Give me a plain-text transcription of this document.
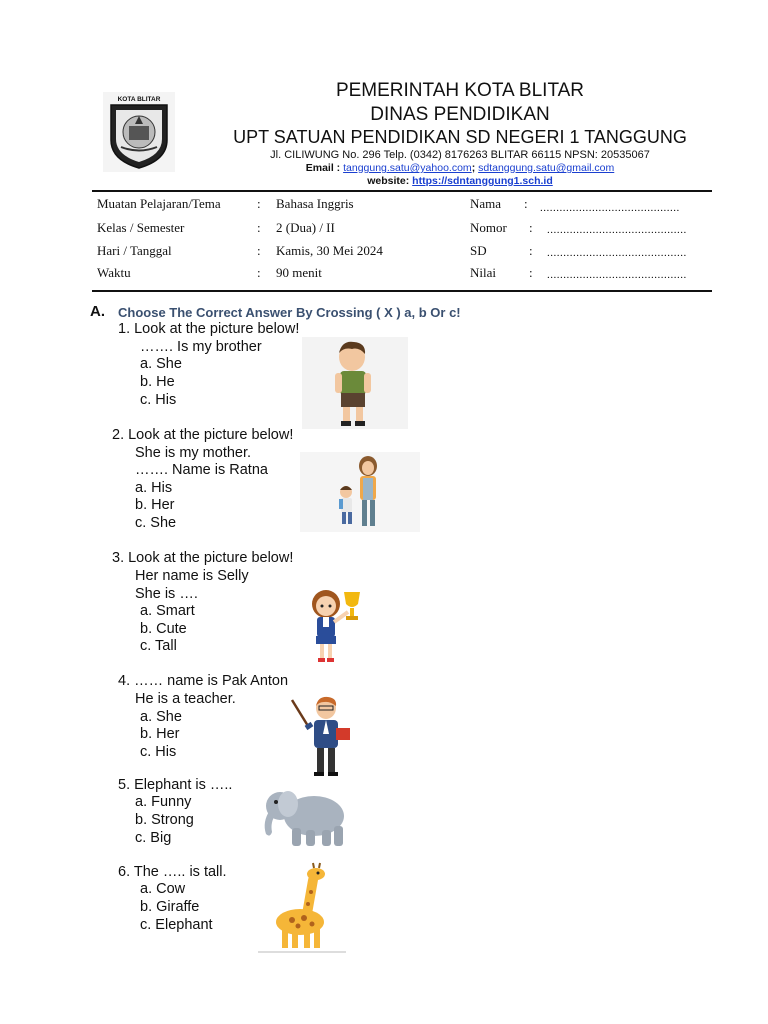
KOTA BLITAR	PEMERINTAH KOTA BLITAR
DINAS PENDIDIKAN
UPT SATUAN PENDIDIKAN SD NEGERI 1 TANGGUNG
Jl. CILIWUNG No. 296 Telp. (0342) 8176263 BLITAR 66115 NPSN: 20535067
Email : tanggung.satu@yahoo.com; sdtanggung.satu@gmail.com
website: https://sdntanggung1.sch.id
Muatan Pelajaran/Tema	: Bahasa Inggris	Nama : ...........................................
Kelas / Semester	: 2 (Dua) / II	Nomor : ...........................................
Hari / Tanggal	: Kamis, 30 Mei 2024	SD	: ...........................................
Waktu	: 90 menit	Nilai	: ...........................................
A. Choose The Correct Answer By Crossing ( X ) a, b Or c!
1. Look at the picture below!
……. Is my brother
a. She
b. He
c. His
2. Look at the picture below!
She is my mother.
……. Name is Ratna
a. His
b. Her
c. She
3. Look at the picture below!
Her name is Selly
She is ….
a. Smart
b. Cute
c. Tall
4. …… name is Pak Anton
He is a teacher.
a. She
b. Her
c. His
5. Elephant is …..
a. Funny
b. Strong
c. Big
6. The ….. is tall.
a. Cow
b. Giraffe
c. Elephant
